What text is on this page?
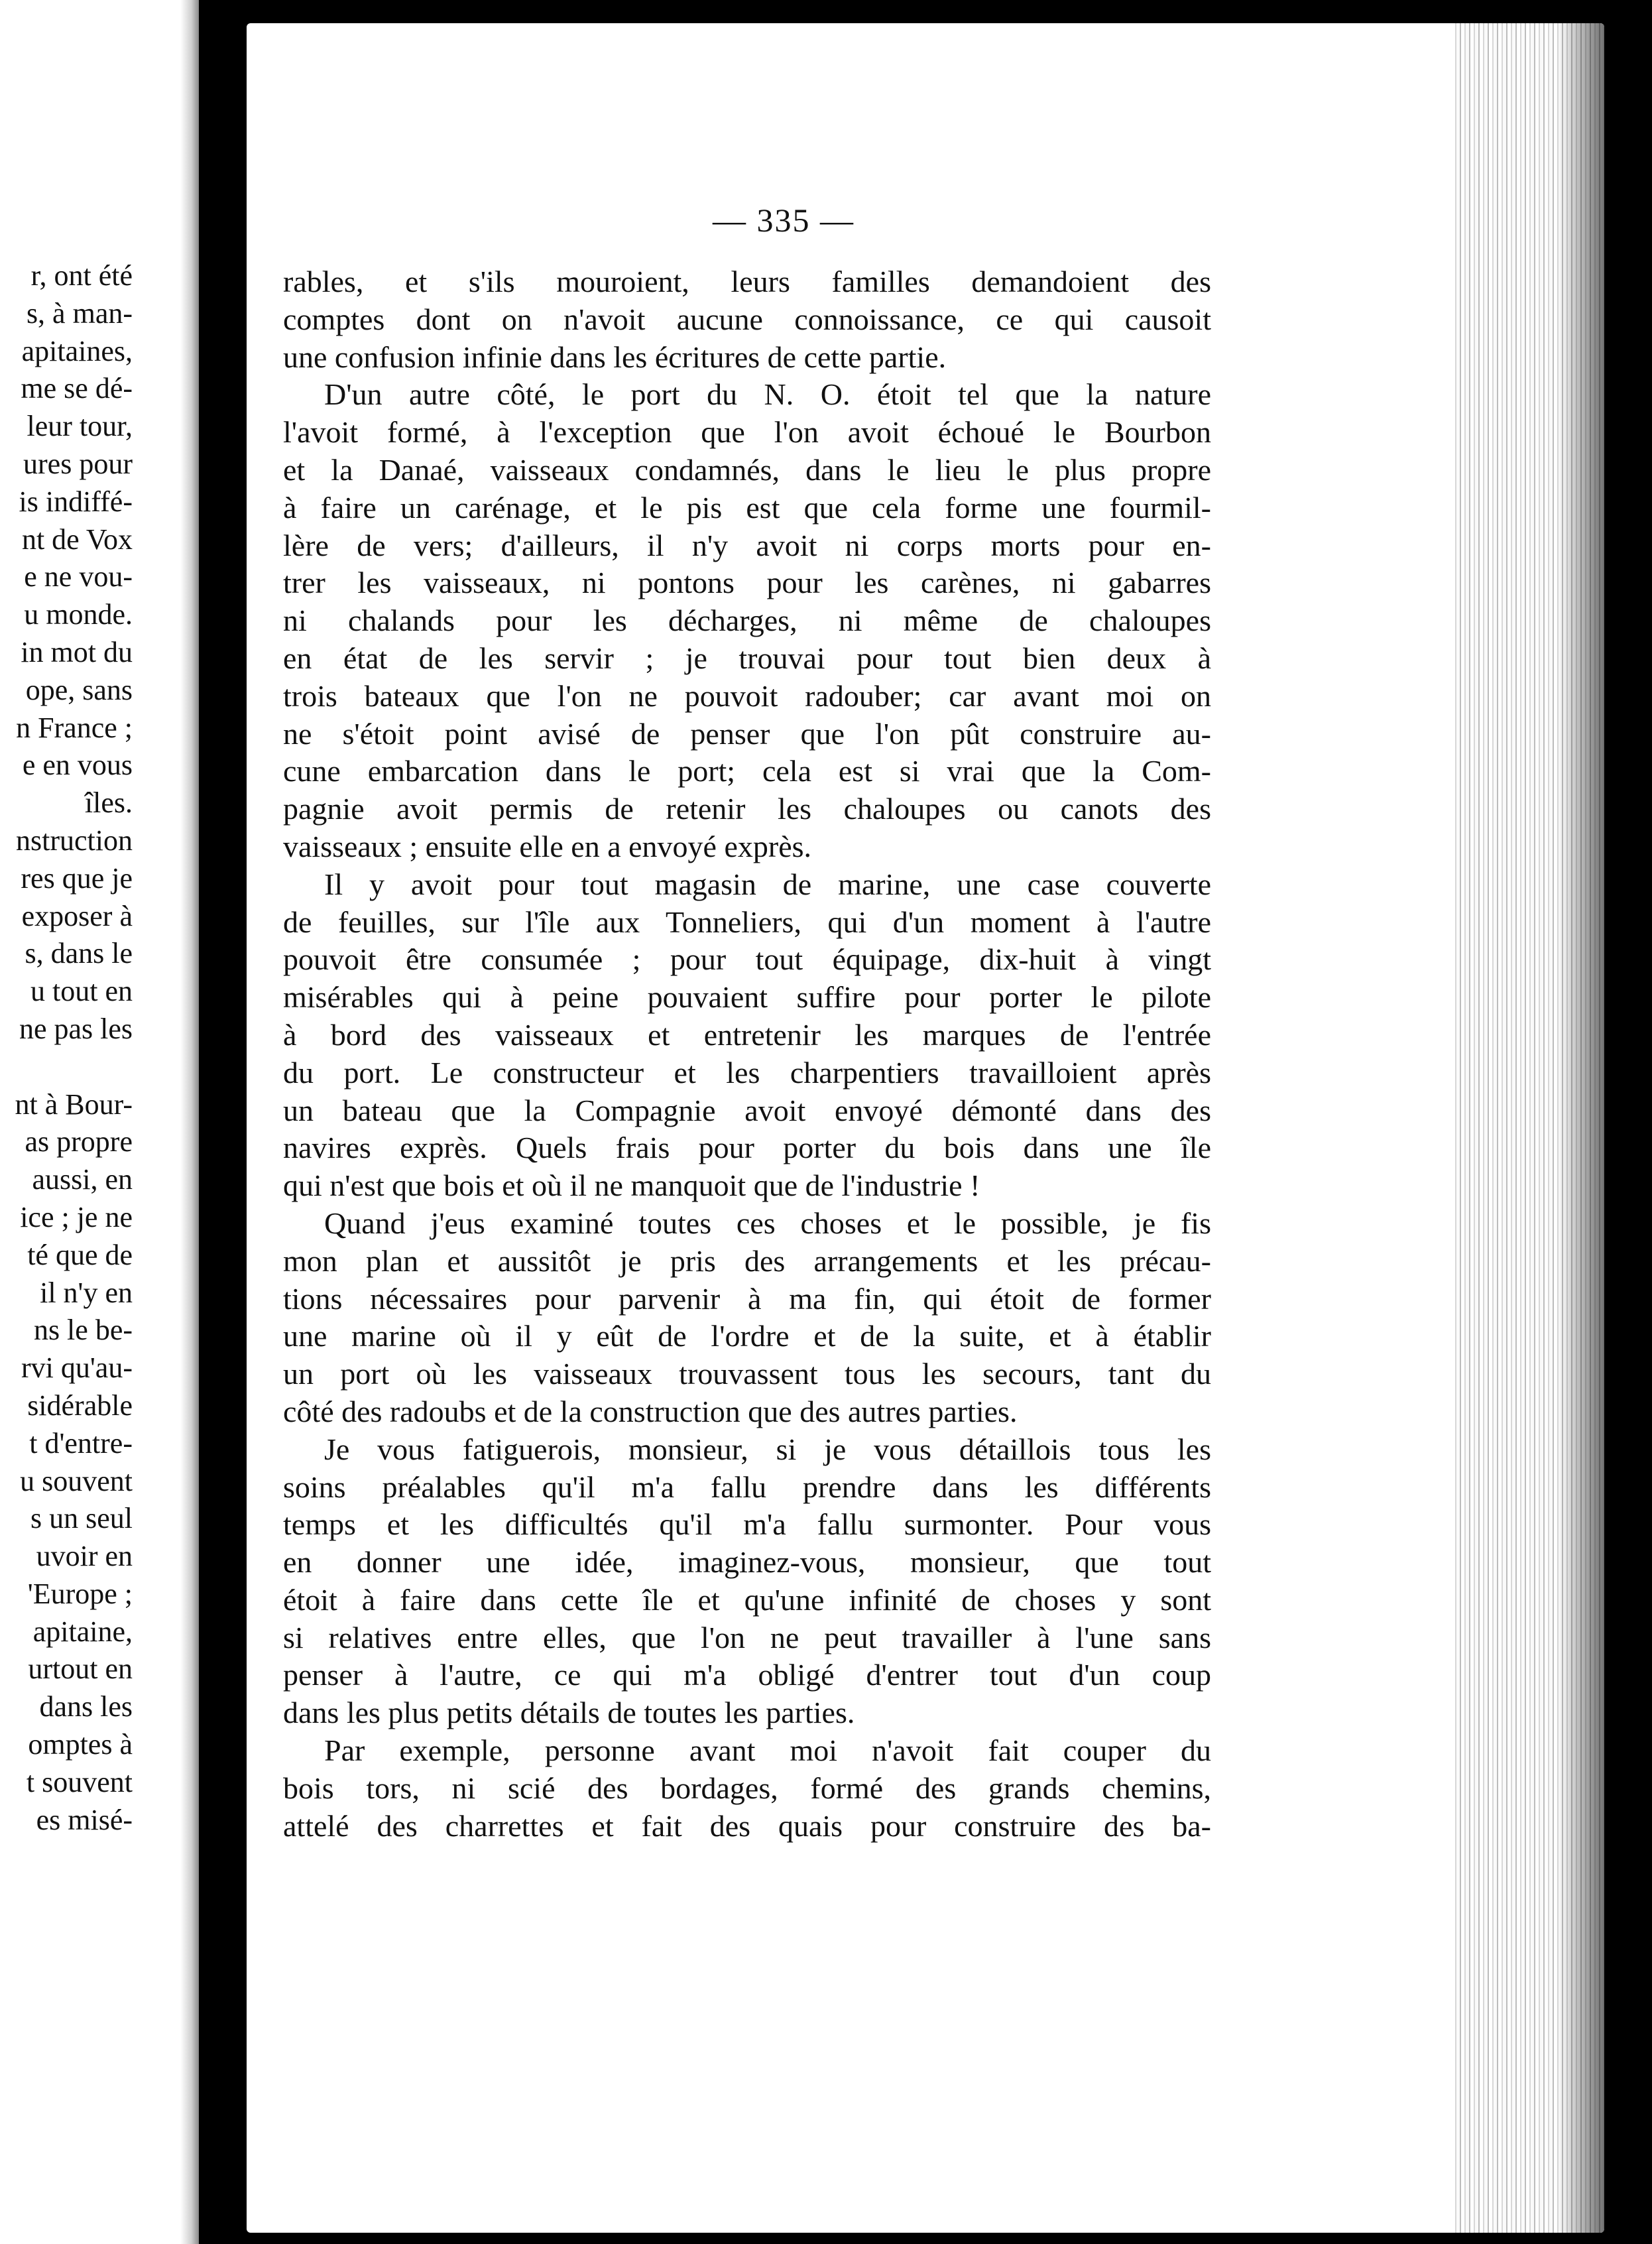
r, ont été
s, à man-
apitaines,
me se dé-
leur tour,
ures pour
is indiffé-
nt de Vox
e ne vou-
u monde.
in mot du
ope, sans
n France ;
e en vous
îles.
nstruction
res que je
exposer à
s, dans le
u tout en
ne pas les
nt à Bour-
as propre
aussi, en
ice ; je ne
té que de
il n'y en
ns le be-
rvi qu'au-
sidérable
t d'entre-
u souvent
s un seul
uvoir en
'Europe ;
apitaine,
urtout en
dans les
omptes à
t souvent
es misé-
— 335 —
rables, et s'ils mouroient, leurs familles demandoient des
comptes dont on n'avoit aucune connoissance, ce qui causoit
une confusion infinie dans les écritures de cette partie.
D'un autre côté, le port du N. O. étoit tel que la nature
l'avoit formé, à l'exception que l'on avoit échoué le Bourbon
et la Danaé, vaisseaux condamnés, dans le lieu le plus propre
à faire un carénage, et le pis est que cela forme une fourmil-
lère de vers; d'ailleurs, il n'y avoit ni corps morts pour en-
trer les vaisseaux, ni pontons pour les carènes, ni gabarres
ni chalands pour les décharges, ni même de chaloupes
en état de les servir ; je trouvai pour tout bien deux à
trois bateaux que l'on ne pouvoit radouber; car avant moi on
ne s'étoit point avisé de penser que l'on pût construire au-
cune embarcation dans le port; cela est si vrai que la Com-
pagnie avoit permis de retenir les chaloupes ou canots des
vaisseaux ; ensuite elle en a envoyé exprès.
Il y avoit pour tout magasin de marine, une case couverte
de feuilles, sur l'île aux Tonneliers, qui d'un moment à l'autre
pouvoit être consumée ; pour tout équipage, dix-huit à vingt
misérables qui à peine pouvaient suffire pour porter le pilote
à bord des vaisseaux et entretenir les marques de l'entrée
du port. Le constructeur et les charpentiers travailloient après
un bateau que la Compagnie avoit envoyé démonté dans des
navires exprès. Quels frais pour porter du bois dans une île
qui n'est que bois et où il ne manquoit que de l'industrie !
Quand j'eus examiné toutes ces choses et le possible, je fis
mon plan et aussitôt je pris des arrangements et les précau-
tions nécessaires pour parvenir à ma fin, qui étoit de former
une marine où il y eût de l'ordre et de la suite, et à établir
un port où les vaisseaux trouvassent tous les secours, tant du
côté des radoubs et de la construction que des autres parties.
Je vous fatiguerois, monsieur, si je vous détaillois tous les
soins préalables qu'il m'a fallu prendre dans les différents
temps et les difficultés qu'il m'a fallu surmonter. Pour vous
en donner une idée, imaginez-vous, monsieur, que tout
étoit à faire dans cette île et qu'une infinité de choses y sont
si relatives entre elles, que l'on ne peut travailler à l'une sans
penser à l'autre, ce qui m'a obligé d'entrer tout d'un coup
dans les plus petits détails de toutes les parties.
Par exemple, personne avant moi n'avoit fait couper du
bois tors, ni scié des bordages, formé des grands chemins,
attelé des charrettes et fait des quais pour construire des ba-
